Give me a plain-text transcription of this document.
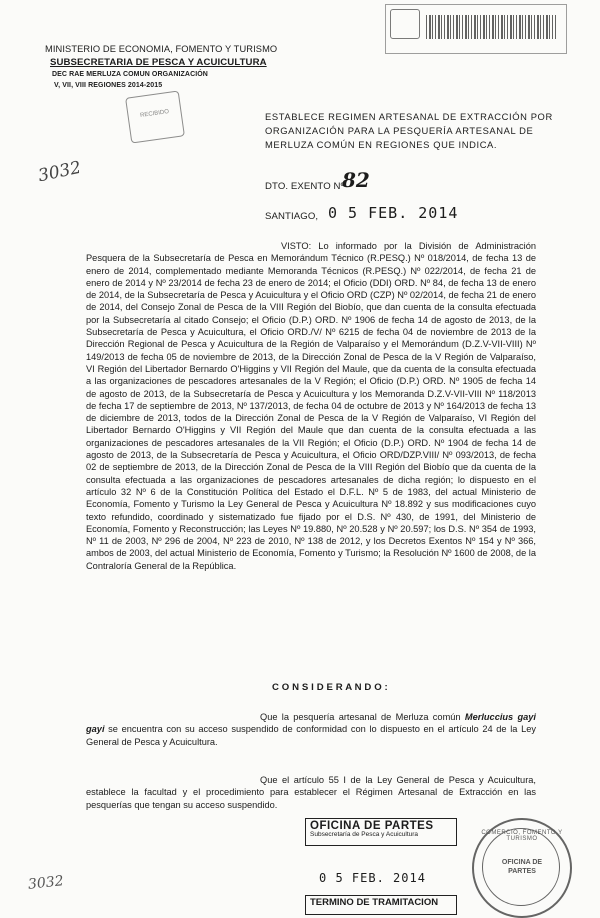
MINISTERIO DE ECONOMIA, FOMENTO Y TURISMO
SUBSECRETARIA DE PESCA Y ACUICULTURA
DEC RAE MERLUZA COMUN ORGANIZACIÓN
V, VII, VIII REGIONES 2014-2015
RECIBIDO
3032
ESTABLECE REGIMEN ARTESANAL DE EXTRACCIÓN POR ORGANIZACIÓN PARA LA PESQUERÍA ARTESANAL DE MERLUZA COMÚN EN REGIONES QUE INDICA.
DTO. EXENTO Nº
82
SANTIAGO, 0 5 FEB. 2014
VISTO: Lo informado por la División de Administración Pesquera de la Subsecretaría de Pesca en Memorándum Técnico (R.PESQ.) Nº 018/2014, de fecha 13 de enero de 2014, complementado mediante Memoranda Técnicos (R.PESQ.) Nº 022/2014, de fecha 21 de enero de 2014 y Nº 23/2014 de fecha 23 de enero de 2014; el Oficio (DDI) ORD. Nº 84, de fecha 13 de enero de 2014, de la Subsecretaría de Pesca y Acuicultura y el Oficio ORD (CZP) Nº 02/2014, de fecha 21 de enero de 2014, del Consejo Zonal de Pesca de la VIII Región del Biobío, que dan cuenta de la consulta efectuada por la Subsecretaría al citado Consejo; el Oficio (D.P.) ORD. Nº 1906 de fecha 14 de agosto de 2013, de la Subsecretaría de Pesca y Acuicultura, el Oficio ORD./V/ Nº 6215 de fecha 04 de noviembre de 2013 de la Dirección Regional de Pesca y Acuicultura de la Región de Valparaíso y el Memorándum (D.Z.V-VII-VIII) Nº 149/2013 de fecha 05 de noviembre de 2013, de la Dirección Zonal de Pesca de la V Región de Valparaíso, VI Región del Libertador Bernardo O'Higgins y VII Región del Maule, que da cuenta de la consulta efectuada a las organizaciones de pescadores artesanales de la V Región; el Oficio (D.P.) ORD. Nº 1905 de fecha 14 de agosto de 2013, de la Subsecretaría de Pesca y Acuicultura y los Memoranda D.Z.V-VII-VIII Nº 118/2013 de fecha 17 de septiembre de 2013, Nº 137/2013, de fecha 04 de octubre de 2013 y Nº 164/2013 de fecha 13 de diciembre de 2013, todos de la Dirección Zonal de Pesca de la V Región de Valparaíso, VI Región del Libertador Bernardo O'Higgins y VII Región del Maule que dan cuenta de la consulta efectuada a las organizaciones de pescadores artesanales de la VII Región; el Oficio (D.P.) ORD. Nº 1904 de fecha 14 de agosto de 2013, de la Subsecretaría de Pesca y Acuicultura, el Oficio ORD/DZP.VIII/ Nº 093/2013, de fecha 02 de septiembre de 2013, de la Dirección Zonal de Pesca de la VIII Región del Biobío que da cuenta de la consulta efectuada a las organizaciones de pescadores artesanales de dicha región; lo dispuesto en el artículo 32 Nº 6 de la Constitución Política del Estado el D.F.L. Nº 5 de 1983, del actual Ministerio de Economía, Fomento y Turismo la Ley General de Pesca y Acuicultura Nº 18.892 y sus modificaciones cuyo texto refundido, coordinado y sistematizado fue fijado por el D.S. Nº 430, de 1991, del Ministerio de Economía, Fomento y Reconstrucción; las Leyes Nº 19.880, Nº 20.528 y Nº 20.597; los D.S. Nº 354 de 1993, Nº 11 de 2003, Nº 296 de 2004, Nº 223 de 2010, Nº 138 de 2012, y los Decretos Exentos Nº 154 y Nº 366, ambos de 2003, del actual Ministerio de Economía, Fomento y Turismo; la Resolución Nº 1600 de 2008, de la Contraloría General de la República.
C O N S I D E R A N D O :
Que la pesquería artesanal de Merluza común Merluccius gayi gayi se encuentra con su acceso suspendido de conformidad con lo dispuesto en el artículo 24 de la Ley General de Pesca y Acuicultura.
Que el artículo 55 I de la Ley General de Pesca y Acuicultura, establece la facultad y el procedimiento para establecer el Régimen Artesanal de Extracción en las pesquerías que tengan su acceso suspendido.
OFICINA DE PARTES
Subsecretaría de Pesca y Acuicultura
0 5 FEB. 2014
TERMINO DE TRAMITACION
COMERCIO, FOMENTO Y TURISMO
OFICINA DE PARTES
3032
